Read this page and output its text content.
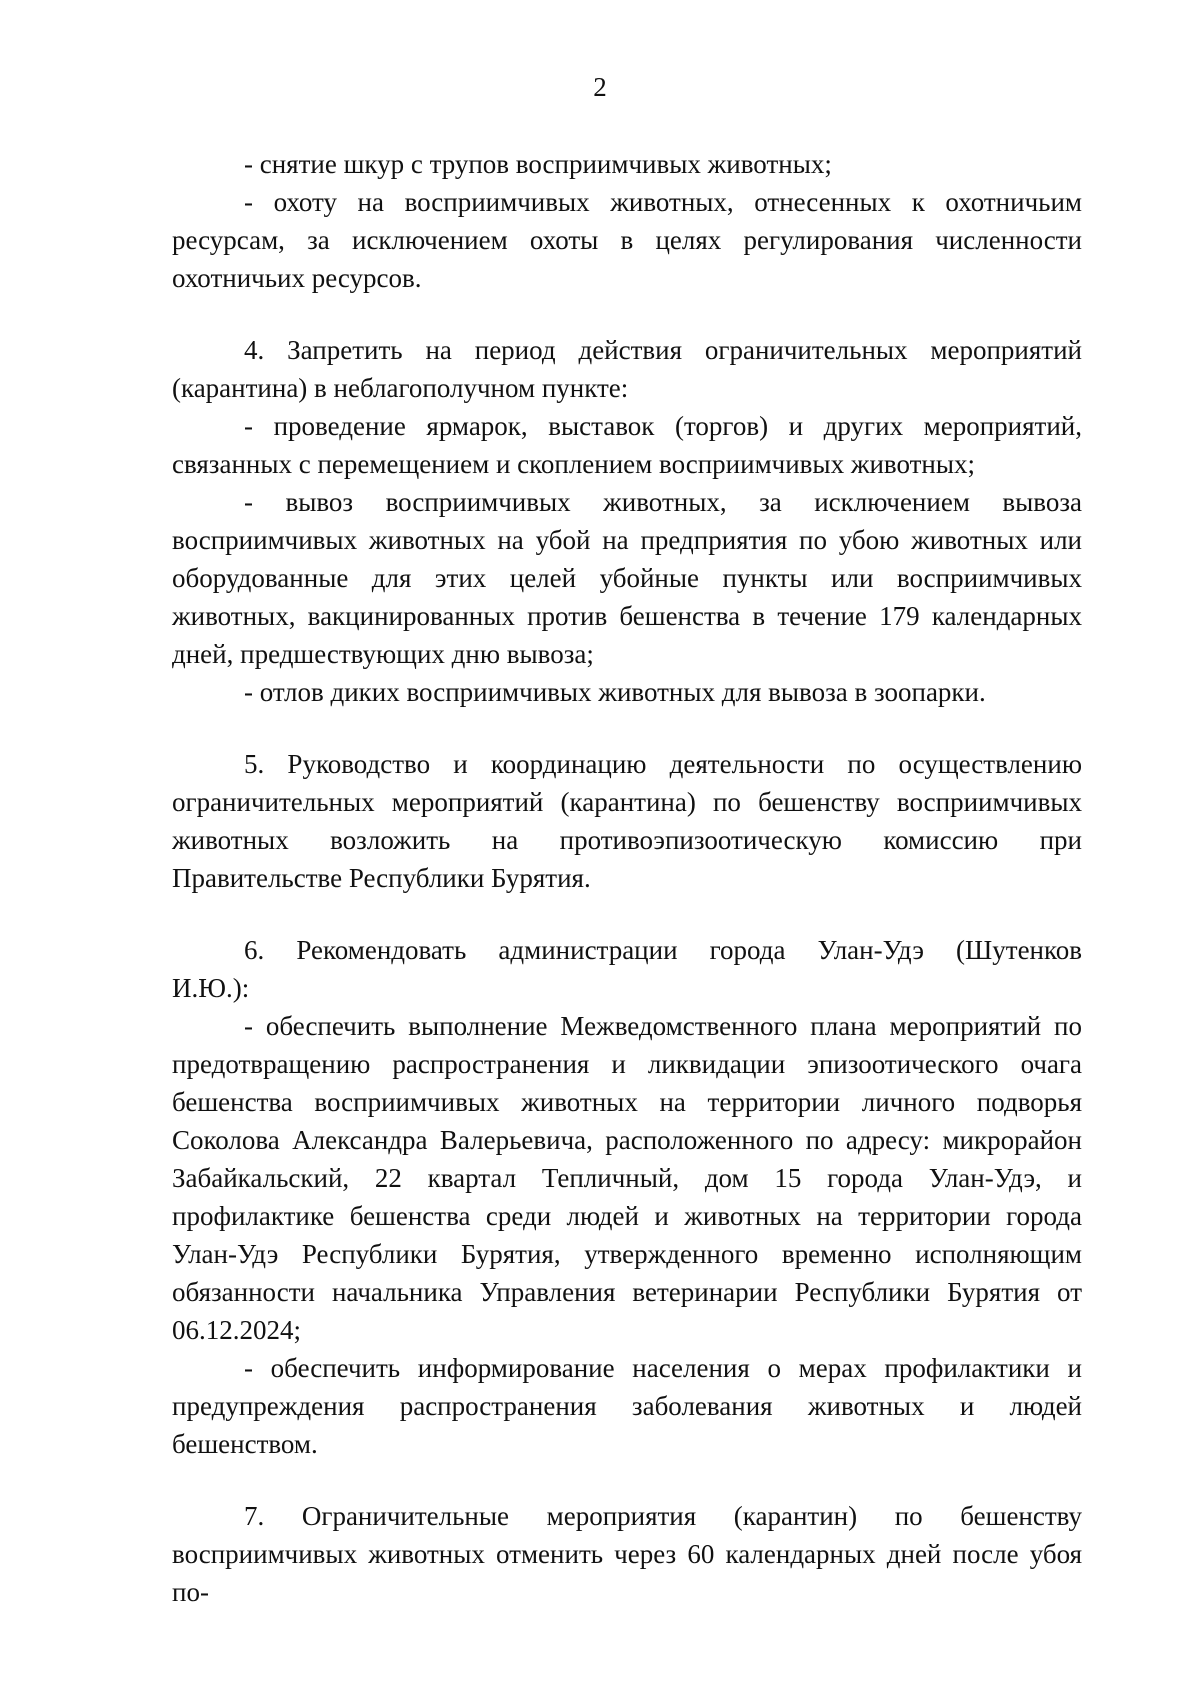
2

- снятие шкур с трупов восприимчивых животных;

- охоту на восприимчивых животных, отнесенных к охотничьим ресурсам, за исключением охоты в целях регулирования численности охотничьих ресурсов.

4. Запретить на период действия ограничительных мероприятий (карантина) в неблагополучном пункте:

- проведение ярмарок, выставок (торгов) и других мероприятий, связанных с перемещением и скоплением восприимчивых животных;

- вывоз восприимчивых животных, за исключением вывоза восприимчивых животных на убой на предприятия по убою животных или оборудованные для этих целей убойные пункты или восприимчивых животных, вакцинированных против бешенства в течение 179 календарных дней, предшествующих дню вывоза;

- отлов диких восприимчивых животных для вывоза в зоопарки.

5. Руководство и координацию деятельности по осуществлению ограничительных мероприятий (карантина) по бешенству восприимчивых животных возложить на противоэпизоотическую комиссию при Правительстве Республики Бурятия.

6. Рекомендовать администрации города Улан-Удэ (Шутенков И.Ю.):

- обеспечить выполнение Межведомственного плана мероприятий по предотвращению распространения и ликвидации эпизоотического очага бешенства восприимчивых животных на территории личного подворья Соколова Александра Валерьевича, расположенного по адресу: микрорайон Забайкальский, 22 квартал Тепличный, дом 15 города Улан-Удэ, и профилактике бешенства среди людей и животных на территории города Улан-Удэ Республики Бурятия, утвержденного временно исполняющим обязанности начальника Управления ветеринарии Республики Бурятия от 06.12.2024;

- обеспечить информирование населения о мерах профилактики и предупреждения распространения заболевания животных и людей бешенством.

7. Ограничительные мероприятия (карантин) по бешенству восприимчивых животных отменить через 60 календарных дней после убоя по-
